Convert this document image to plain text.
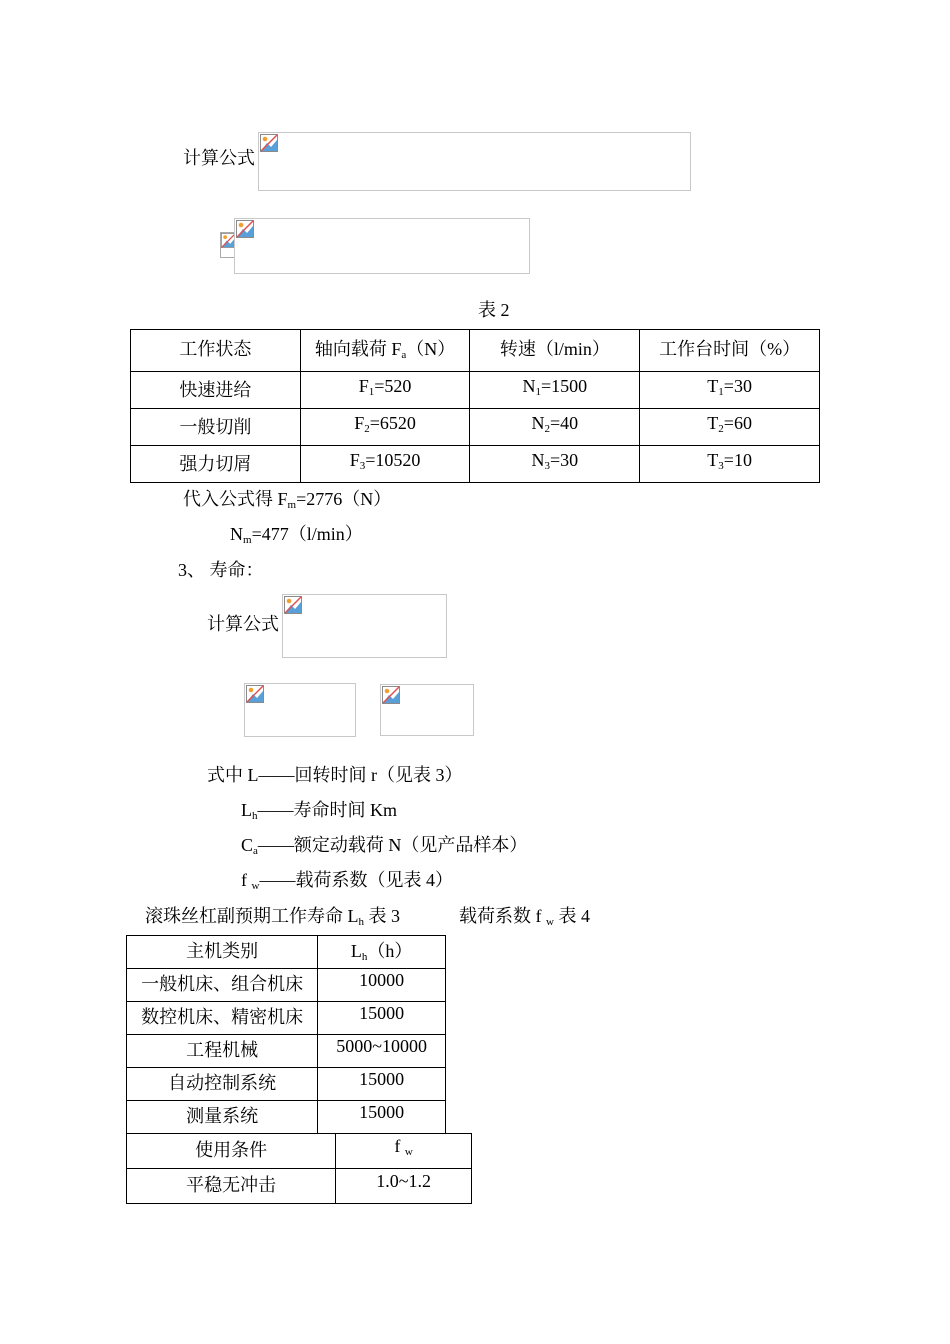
计算公式
表 2
工作状态	轴向载荷 $F_a(N)$	转速（l/min）	工作台时间（%）
快速进给	$F_1=520$	$N_1=1500$	$T_1=30$
一般切削	$F_2=6520$	$N_2=40$	$T_2=60$
强力切屑	$F_3=10520$	$N_3=30$	$T_3=10$
代入公式得 $F_m=2776(N)$
$N_m=477(l/\min)$
3、 寿命：
计算公式
式中 L——回转时间 r（见表 3）
$L_h——$寿命时间 Km
$C_a——$额定动载荷 N（见产品样本）
f $_w$——载荷系数（见表 4）
滚珠丝杠副预期工作寿命 $L_h$ 表 3	载荷系数 f $_w$ 表 4
主机类别	$L_h(h)$
一般机床、组合机床	10000
数控机床、精密机床	15000
工程机械	5000~10000
自动控制系统	15000
测量系统	15000
使用条件	f $_w$
平稳无冲击	1.0~1.2
